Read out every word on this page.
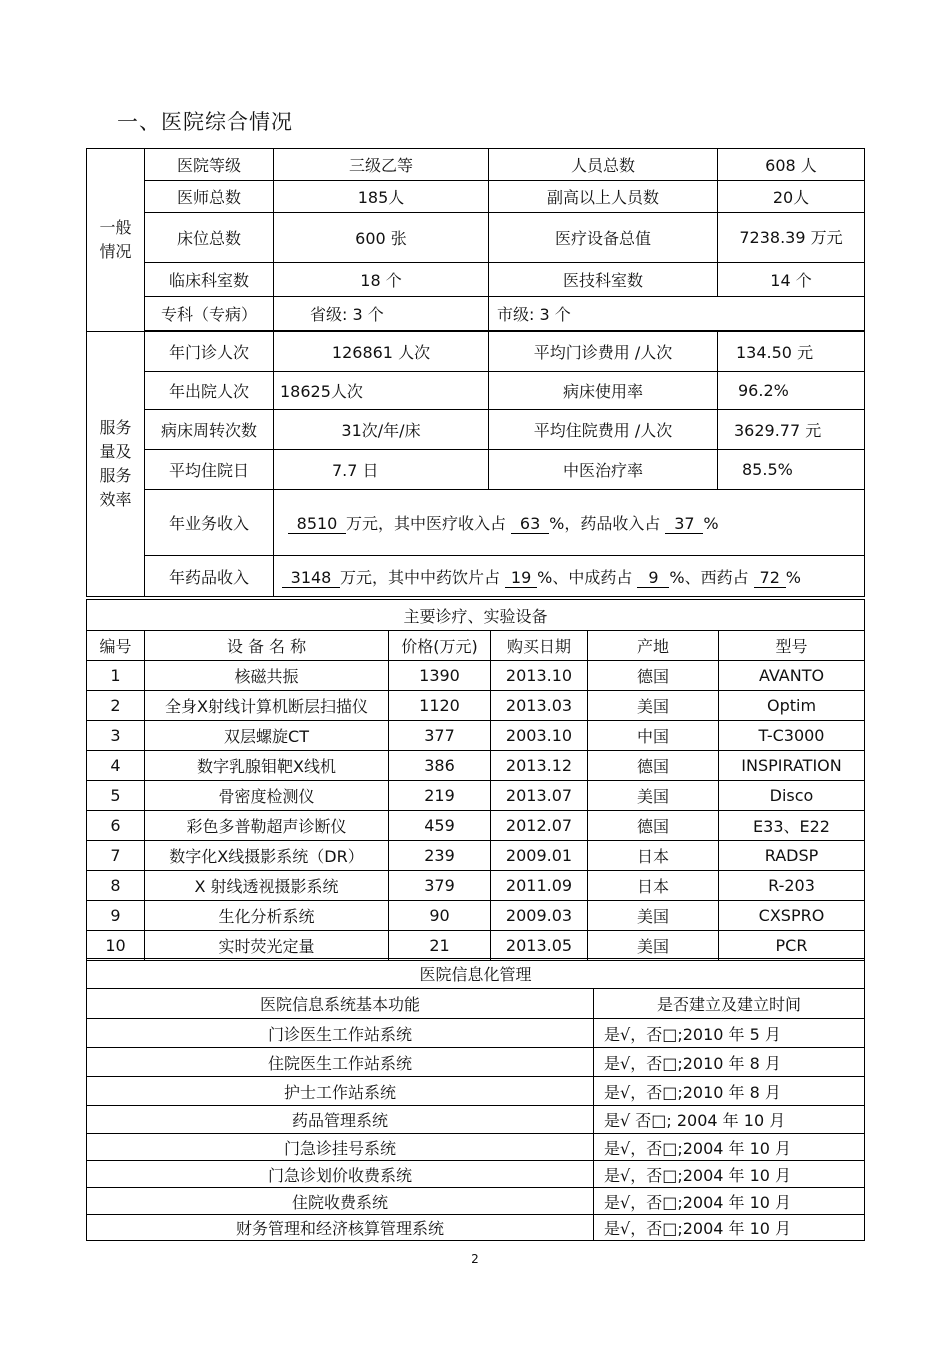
一、医院综合情况
一般情况	医院等级	三级乙等	人员总数	608 人
	医师总数	185人	副高以上人员数	20人
	床位总数	600 张	医疗设备总值	7238.39 万元
	临床科室数	18 个	医技科室数	14 个
	专科（专病）	省级: 3 个	市级: 3 个	

服务量及服务效率	年门诊人次	126861 人次	平均门诊费用 /人次	134.50 元
	年出院人次	18625人次	病床使用率	96.2%
	病床周转次数	31次/年/床	平均住院费用 /人次	3629.77 元
	平均住院日	7.7 日	中医治疗率	85.5%
	年业务收入	8510 万元，其中医疗收入占 63 %，药品收入占 37 %		
	年药品收入	3148 万元，其中中药饮片占 19 %、中成药占 9 %、西药占 72 %		
主要诊疗、实验设备					
编号	设 备 名 称	价格(万元)	购买日期	产地	型号
1	核磁共振	1390	2013.10	德国	AVANTO
2	全身X射线计算机断层扫描仪	1120	2013.03	美国	Optim
3	双层螺旋CT	377	2003.10	中国	T-C3000
4	数字乳腺钼靶X线机	386	2013.12	德国	INSPIRATION
5	骨密度检测仪	219	2013.07	美国	Disco
6	彩色多普勒超声诊断仪	459	2012.07	德国	E33、E22
7	数字化X线摄影系统（DR）	239	2009.01	日本	RADSP
8	X 射线透视摄影系统	379	2011.09	日本	R-203
9	生化分析系统	90	2009.03	美国	CXSPRO
10	实时荧光定量	21	2013.05	美国	PCR
医院信息化管理	
医院信息系统基本功能	是否建立及建立时间
门诊医生工作站系统	是√，否□;2010 年 5 月
住院医生工作站系统	是√，否□;2010 年 8 月
护士工作站系统	是√，否□;2010 年 8 月
药品管理系统	是√ 否□; 2004 年 10 月
门急诊挂号系统	是√，否□;2004 年 10 月
门急诊划价收费系统	是√，否□;2004 年 10 月
住院收费系统	是√，否□;2004 年 10 月
财务管理和经济核算管理系统	是√，否□;2004 年 10 月
2
